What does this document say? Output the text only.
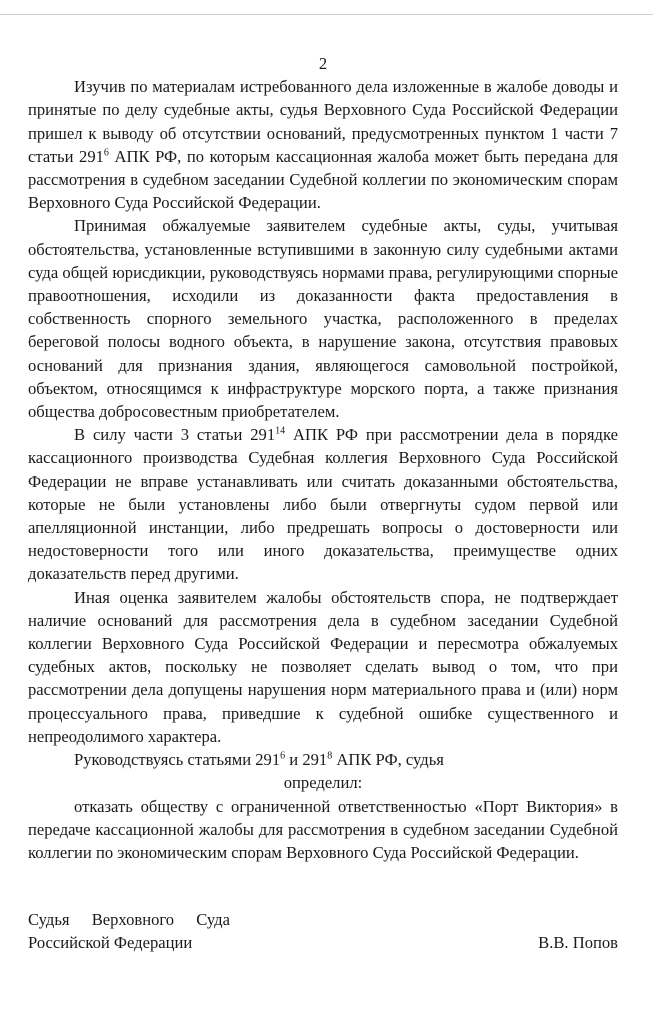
2

Изучив по материалам истребованного дела изложенные в жалобе доводы и принятые по делу судебные акты, судья Верховного Суда Российской Федерации пришел к выводу об отсутствии оснований, предусмотренных пунктом 1 части 7 статьи $291^6$ АПК РФ, по которым кассационная жалоба может быть передана для рассмотрения в судебном заседании Судебной коллегии по экономическим спорам Верховного Суда Российской Федерации.

Принимая обжалуемые заявителем судебные акты, суды, учитывая обстоятельства, установленные вступившими в законную силу судебными актами суда общей юрисдикции, руководствуясь нормами права, регулирующими спорные правоотношения, исходили из доказанности факта предоставления в собственность спорного земельного участка, расположенного в пределах береговой полосы водного объекта, в нарушение закона, отсутствия правовых оснований для признания здания, являющегося самовольной постройкой, объектом, относящимся к инфраструктуре морского порта, а также признания общества добросовестным приобретателем.

В силу части 3 статьи $291^{14}$ АПК РФ при рассмотрении дела в порядке кассационного производства Судебная коллегия Верховного Суда Российской Федерации не вправе устанавливать или считать доказанными обстоятельства, которые не были установлены либо были отвергнуты судом первой или апелляционной инстанции, либо предрешать вопросы о достоверности или недостоверности того или иного доказательства, преимуществе одних доказательств перед другими.

Иная оценка заявителем жалобы обстоятельств спора, не подтверждает наличие оснований для рассмотрения дела в судебном заседании Судебной коллегии Верховного Суда Российской Федерации и пересмотра обжалуемых судебных актов, поскольку не позволяет сделать вывод о том, что при рассмотрении дела допущены нарушения норм материального права и (или) норм процессуального права, приведшие к судебной ошибке существенного и непреодолимого характера.

Руководствуясь статьями $291^6$ и $291^8$ АПК РФ, судья

определил:

отказать обществу с ограниченной ответственностью «Порт Виктория» в передаче кассационной жалобы для рассмотрения в судебном заседании Судебной коллегии по экономическим спорам Верховного Суда Российской Федерации.

Судья Верховного Суда
Российской Федерации	В.В. Попов
